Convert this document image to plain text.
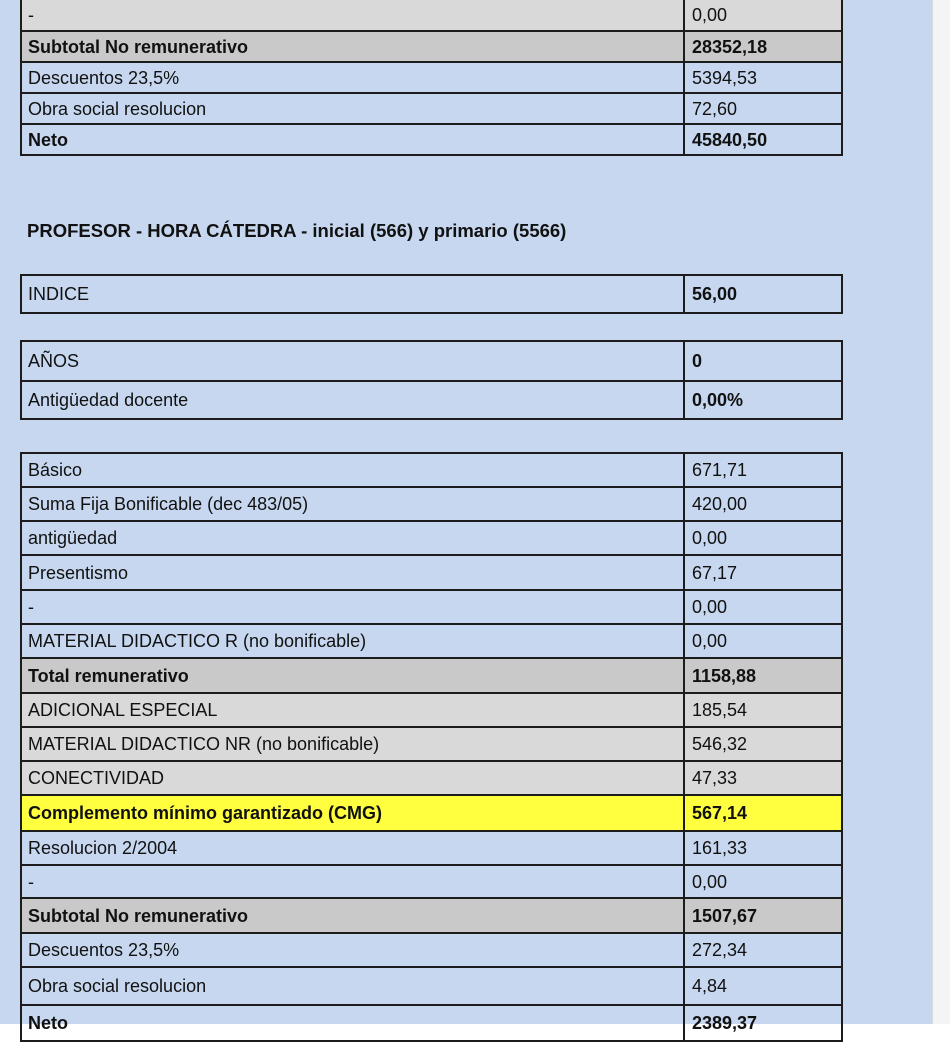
-	0,00
Subtotal No remunerativo	28352,18
Descuentos 23,5%	5394,53
Obra social resolucion	72,60
Neto	45840,50
PROFESOR - HORA CÁTEDRA - inicial (566) y primario (5566)
INDICE	56,00
AÑOS	0
Antigüedad docente	0,00%
Básico	671,71
Suma Fija Bonificable (dec 483/05)	420,00
antigüedad	0,00
Presentismo	67,17
-	0,00
MATERIAL DIDACTICO R (no bonificable)	0,00
Total remunerativo	1158,88
ADICIONAL ESPECIAL	185,54
MATERIAL DIDACTICO NR (no bonificable)	546,32
CONECTIVIDAD	47,33
Complemento mínimo garantizado (CMG)	567,14
Resolucion 2/2004	161,33
-	0,00
Subtotal No remunerativo	1507,67
Descuentos 23,5%	272,34
Obra social resolucion	4,84
Neto	2389,37
